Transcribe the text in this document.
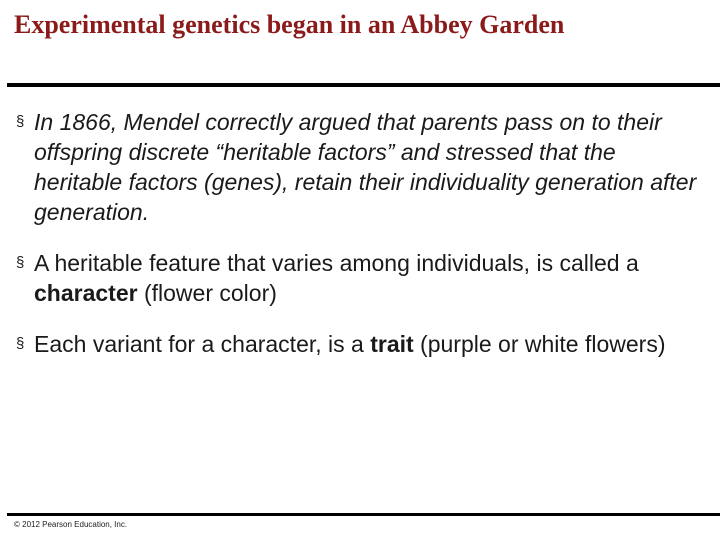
Experimental genetics began in an Abbey Garden
§ In 1866, Mendel correctly argued that parents pass on to their offspring discrete “heritable factors” and stressed that the heritable factors (genes), retain their individuality generation after generation.
§ A heritable feature that varies among individuals, is called a character (flower color)
§ Each variant for a character, is a trait (purple or white flowers)
© 2012 Pearson Education, Inc.
